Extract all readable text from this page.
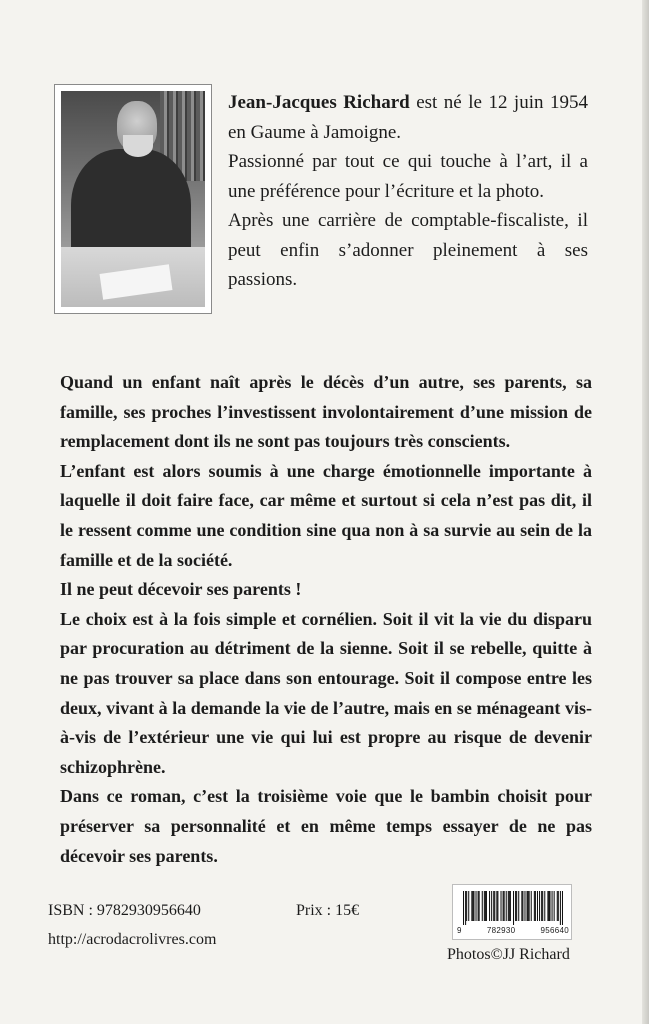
Jean-Jacques Richard est né le 12 juin 1954 en Gaume à Jamoigne.

Passionné par tout ce qui touche à l’art, il a une préférence pour l’écriture et la photo.

Après une carrière de comptable-fiscaliste, il peut enfin s’adonner pleinement à ses passions.

Quand un enfant naît après le décès d’un autre, ses parents, sa famille, ses proches l’investissent involontairement d’une mission de remplacement dont ils ne sont pas toujours très conscients.

L’enfant est alors soumis à une charge émotionnelle importante à laquelle il doit faire face, car même et surtout si cela n’est pas dit, il le ressent comme une condition sine qua non à sa survie au sein de la famille et de la société.

Il ne peut décevoir ses parents !

Le choix est à la fois simple et cornélien. Soit il vit la vie du disparu par procuration au détriment de la sienne. Soit il se rebelle, quitte à ne pas trouver sa place dans son entourage. Soit il compose entre les deux, vivant à la demande la vie de l’autre, mais en se ménageant vis-à-vis de l’extérieur une vie qui lui est propre au risque de devenir schizophrène.

Dans ce roman, c’est la troisième voie que le bambin choisit pour préserver sa personnalité et en même temps essayer de ne pas décevoir ses parents.

ISBN : 9782930956640
http://acrodacrolivres.com
Prix : 15€
9	782930	956640
Photos©JJ Richard
